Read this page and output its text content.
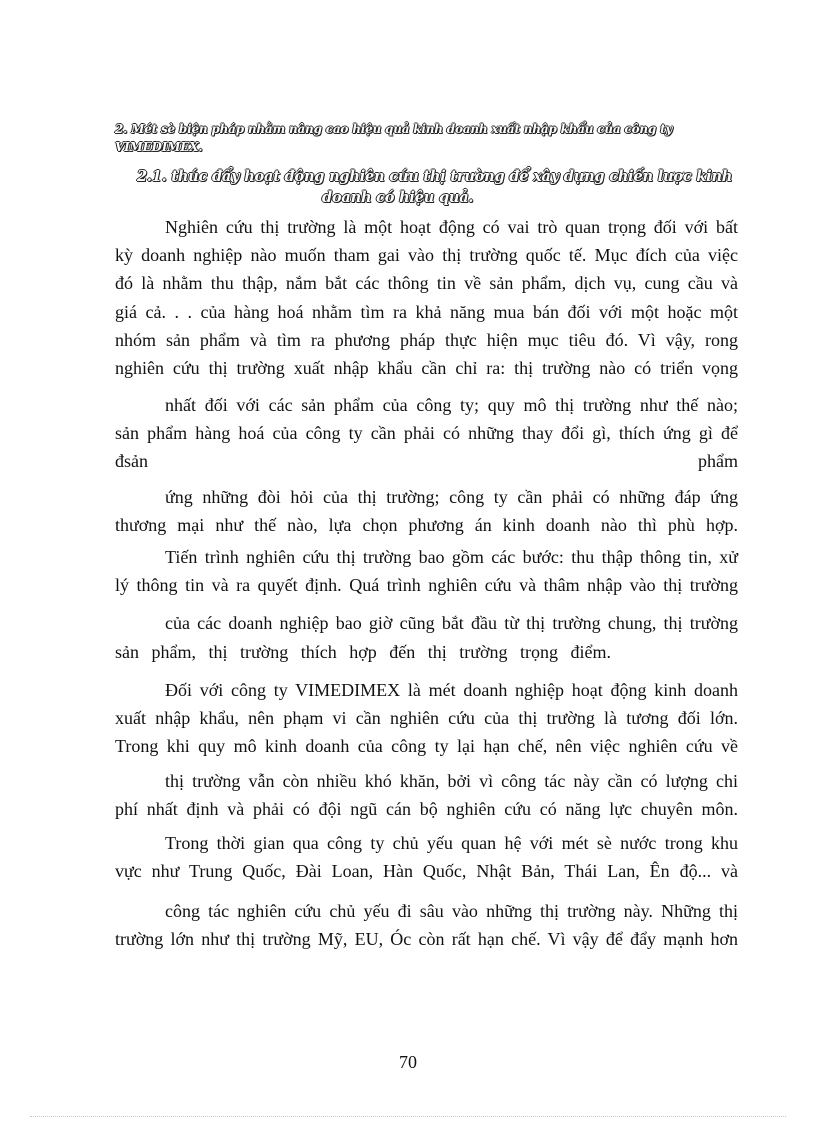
2. Mét sè biện pháp nhằm nâng cao hiệu quả kinh doanh xuất nhập khẩu của công ty
VIMEDIMEX.
2.1. thúc đẩy hoạt động nghiên cứu thị trường để xây dựng chiến lược kinh
doanh có hiệu quả.
Nghiên cứu thị trường là một hoạt động có vai trò quan trọng đối với bất
kỳ doanh nghiệp nào muốn tham gai vào thị trường quốc tế. Mục đích của việc
đó là nhằm thu thập, nắm bắt các thông tin về sản phẩm, dịch vụ, cung cầu và
giá cả. . . của hàng hoá nhằm tìm ra khả năng mua bán đối với một hoặc một
nhóm sản phẩm và tìm ra phương pháp thực hiện mục tiêu đó. Vì vậy, rong
nghiên cứu thị trường xuất nhập khẩu cần chỉ ra: thị trường nào có triển vọng
nhất đối với các sản phẩm của công ty; quy mô thị trường như thế nào;
sản phẩm hàng hoá của công ty cần phải có những thay đổi gì, thích ứng gì để
đsản	phẩm
ứng những đòi hỏi của thị trường; công ty cần phải có những đáp ứng
thương mại như thế nào, lựa chọn phương án kinh doanh nào thì phù hợp.
Tiến trình nghiên cứu thị trường bao gồm các bước: thu thập thông tin, xử
lý thông tin và ra quyết định. Quá trình nghiên cứu và thâm nhập vào thị trường
của các doanh nghiệp bao giờ cũng bắt đầu từ thị trường chung, thị trường
sản phẩm, thị trường thích hợp đến thị trường trọng điểm.
Đối với công ty VIMEDIMEX là mét doanh nghiệp hoạt động kinh doanh
xuất nhập khẩu, nên phạm vi cần nghiên cứu của thị trường là tương đối lớn.
Trong khi quy mô kinh doanh của công ty lại hạn chế, nên việc nghiên cứu về
thị trường vẫn còn nhiều khó khăn, bởi vì công tác này cần có lượng chi
phí nhất định và phải có đội ngũ cán bộ nghiên cứu có năng lực chuyên môn.
Trong thời gian qua công ty chủ yếu quan hệ với mét sè nước trong khu
vực như Trung Quốc, Đài Loan, Hàn Quốc, Nhật Bản, Thái Lan, Ên độ... và
công tác nghiên cứu chủ yếu đi sâu vào những thị trường này. Những thị
trường lớn như thị trường Mỹ, EU, Óc còn rất hạn chế. Vì vậy để đẩy mạnh hơn
70
